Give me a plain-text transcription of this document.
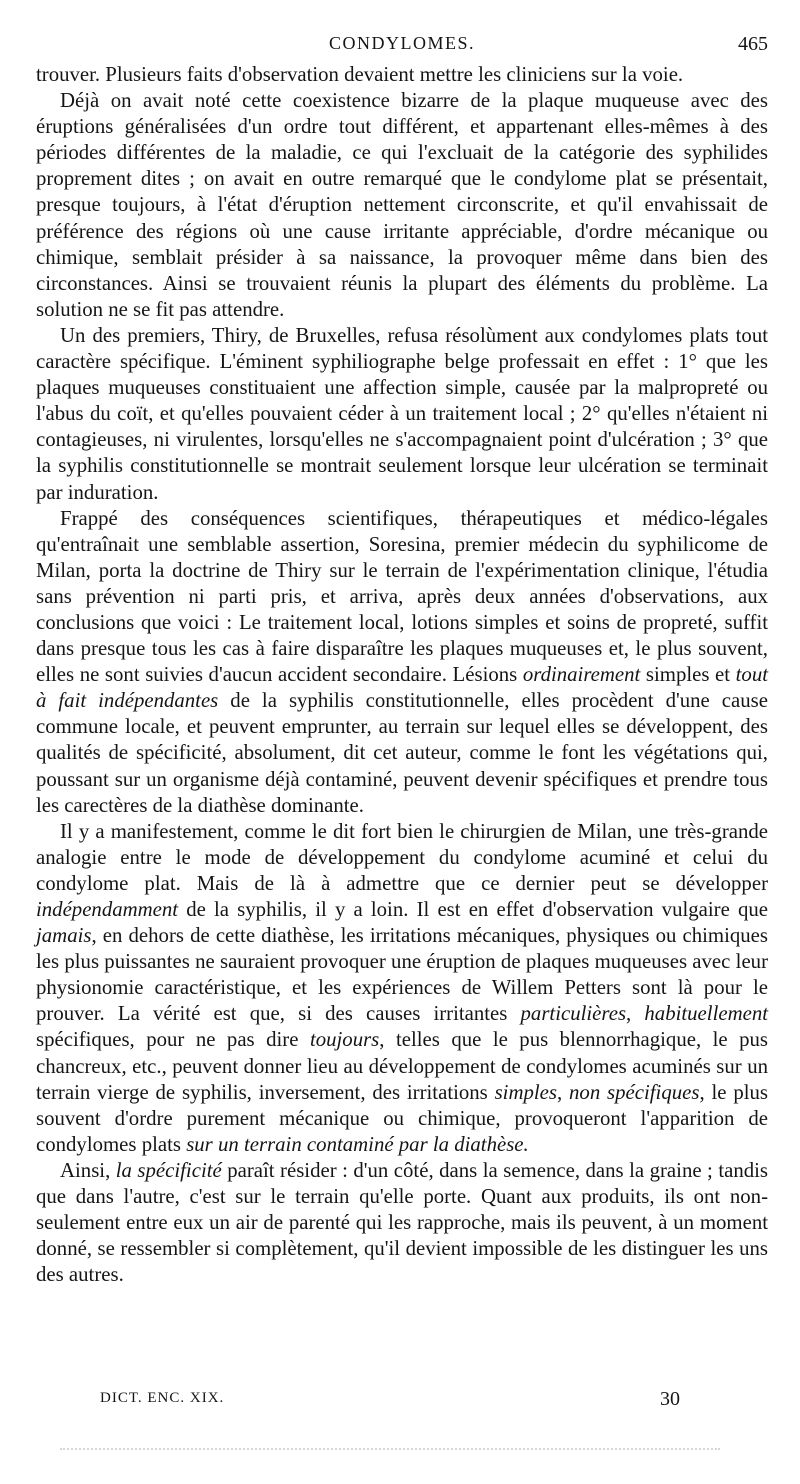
CONDYLOMES.	465

trouver. Plusieurs faits d'observation devaient mettre les cliniciens sur la voie.

Déjà on avait noté cette coexistence bizarre de la plaque muqueuse avec des éruptions généralisées d'un ordre tout différent, et appartenant elles-mêmes à des périodes différentes de la maladie, ce qui l'excluait de la catégorie des syphilides proprement dites ; on avait en outre remarqué que le condylome plat se présentait, presque toujours, à l'état d'éruption nettement circonscrite, et qu'il envahissait de préférence des régions où une cause irritante appréciable, d'ordre mécanique ou chimique, semblait présider à sa naissance, la provoquer même dans bien des circonstances. Ainsi se trouvaient réunis la plupart des éléments du problème. La solution ne se fit pas attendre.

Un des premiers, Thiry, de Bruxelles, refusa résolùment aux condylomes plats tout caractère spécifique. L'éminent syphiliographe belge professait en effet : 1° que les plaques muqueuses constituaient une affection simple, causée par la malpropreté ou l'abus du coït, et qu'elles pouvaient céder à un traitement local ; 2° qu'elles n'étaient ni contagieuses, ni virulentes, lorsqu'elles ne s'accompagnaient point d'ulcération ; 3° que la syphilis constitutionnelle se montrait seulement lorsque leur ulcération se terminait par induration.

Frappé des conséquences scientifiques, thérapeutiques et médico-légales qu'entraînait une semblable assertion, Soresina, premier médecin du syphilicome de Milan, porta la doctrine de Thiry sur le terrain de l'expérimentation clinique, l'étudia sans prévention ni parti pris, et arriva, après deux années d'observations, aux conclusions que voici : Le traitement local, lotions simples et soins de propreté, suffit dans presque tous les cas à faire disparaître les plaques muqueuses et, le plus souvent, elles ne sont suivies d'aucun accident secondaire. Lésions ordinairement simples et tout à fait indépendantes de la syphilis constitutionnelle, elles procèdent d'une cause commune locale, et peuvent emprunter, au terrain sur lequel elles se développent, des qualités de spécificité, absolument, dit cet auteur, comme le font les végétations qui, poussant sur un organisme déjà contaminé, peuvent devenir spécifiques et prendre tous les carectères de la diathèse dominante.

Il y a manifestement, comme le dit fort bien le chirurgien de Milan, une très-grande analogie entre le mode de développement du condylome acuminé et celui du condylome plat. Mais de là à admettre que ce dernier peut se développer indépendamment de la syphilis, il y a loin. Il est en effet d'observation vulgaire que jamais, en dehors de cette diathèse, les irritations mécaniques, physiques ou chimiques les plus puissantes ne sauraient provoquer une éruption de plaques muqueuses avec leur physionomie caractéristique, et les expériences de Willem Petters sont là pour le prouver. La vérité est que, si des causes irritantes particulières, habituellement spécifiques, pour ne pas dire toujours, telles que le pus blennorrhagique, le pus chancreux, etc., peuvent donner lieu au développement de condylomes acuminés sur un terrain vierge de syphilis, inversement, des irritations simples, non spécifiques, le plus souvent d'ordre purement mécanique ou chimique, provoqueront l'apparition de condylomes plats sur un terrain contaminé par la diathèse.

Ainsi, la spécificité paraît résider : d'un côté, dans la semence, dans la graine ; tandis que dans l'autre, c'est sur le terrain qu'elle porte. Quant aux produits, ils ont non-seulement entre eux un air de parenté qui les rapproche, mais ils peuvent, à un moment donné, se ressembler si complètement, qu'il devient impossible de les distinguer les uns des autres.

DICT. ENC. XIX.	30
